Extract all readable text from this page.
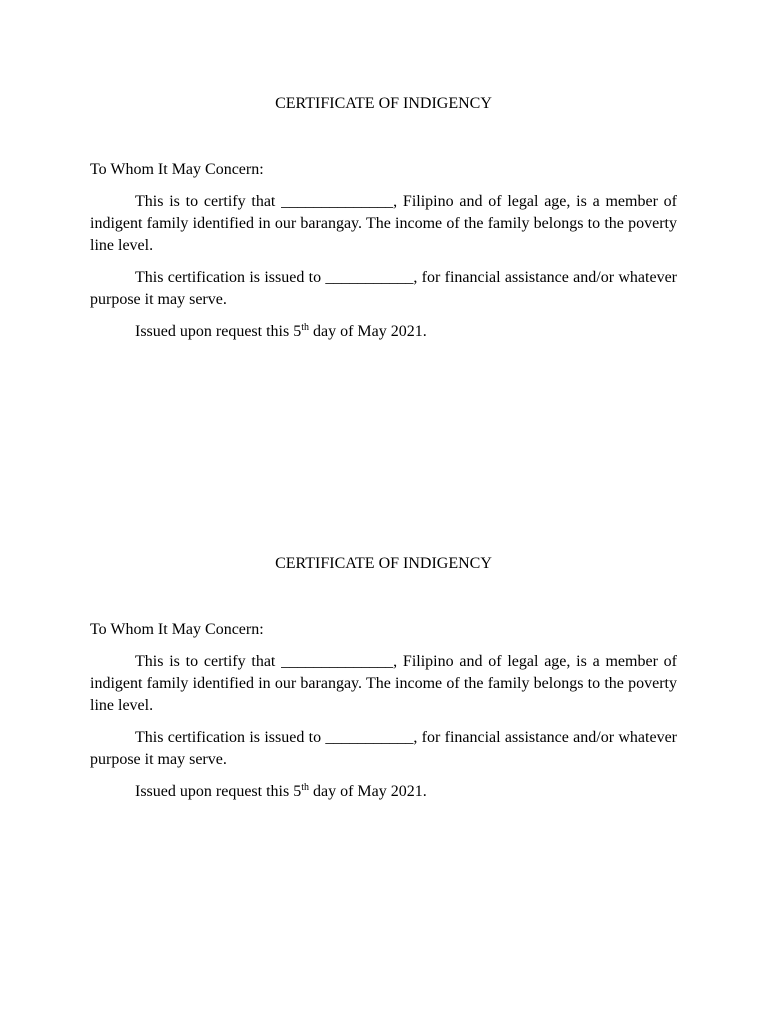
CERTIFICATE OF INDIGENCY

To Whom It May Concern:

This is to certify that ______________, Filipino and of legal age, is a member of indigent family identified in our barangay. The income of the family belongs to the poverty line level.

This certification is issued to ___________, for financial assistance and/or whatever purpose it may serve.

Issued upon request this 5th day of May 2021.

CERTIFICATE OF INDIGENCY

To Whom It May Concern:

This is to certify that ______________, Filipino and of legal age, is a member of indigent family identified in our barangay. The income of the family belongs to the poverty line level.

This certification is issued to ___________, for financial assistance and/or whatever purpose it may serve.

Issued upon request this 5th day of May 2021.
